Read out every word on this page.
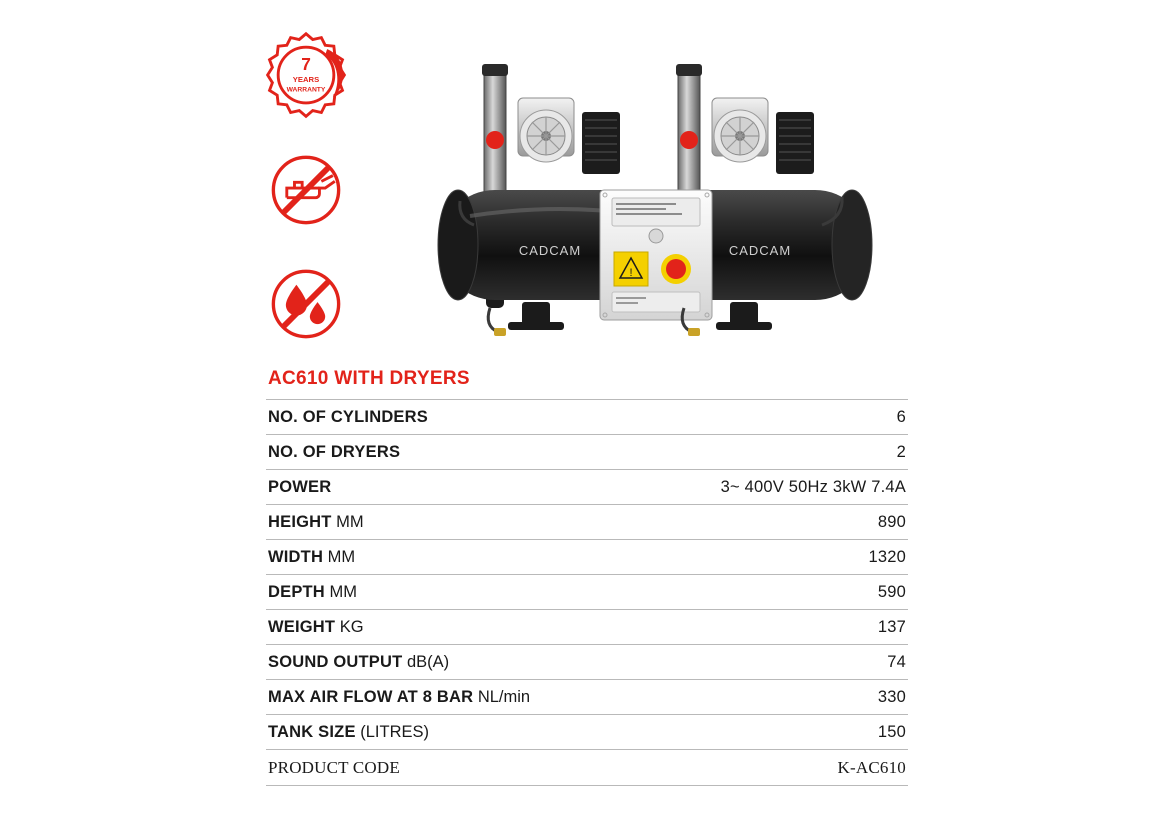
7
YEARS
WARRANTY
CADCAM	CADCAM
!
AC610 WITH DRYERS
NO. OF CYLINDERS	6
NO. OF DRYERS	2
POWER	3~ 400V 50Hz 3kW 7.4A
HEIGHT MM	890
WIDTH MM	1320
DEPTH MM	590
WEIGHT KG	137
SOUND OUTPUT dB(A)	74
MAX AIR FLOW AT 8 BAR NL/min	330
TANK SIZE (LITRES)	150
PRODUCT CODE	K-AC610
